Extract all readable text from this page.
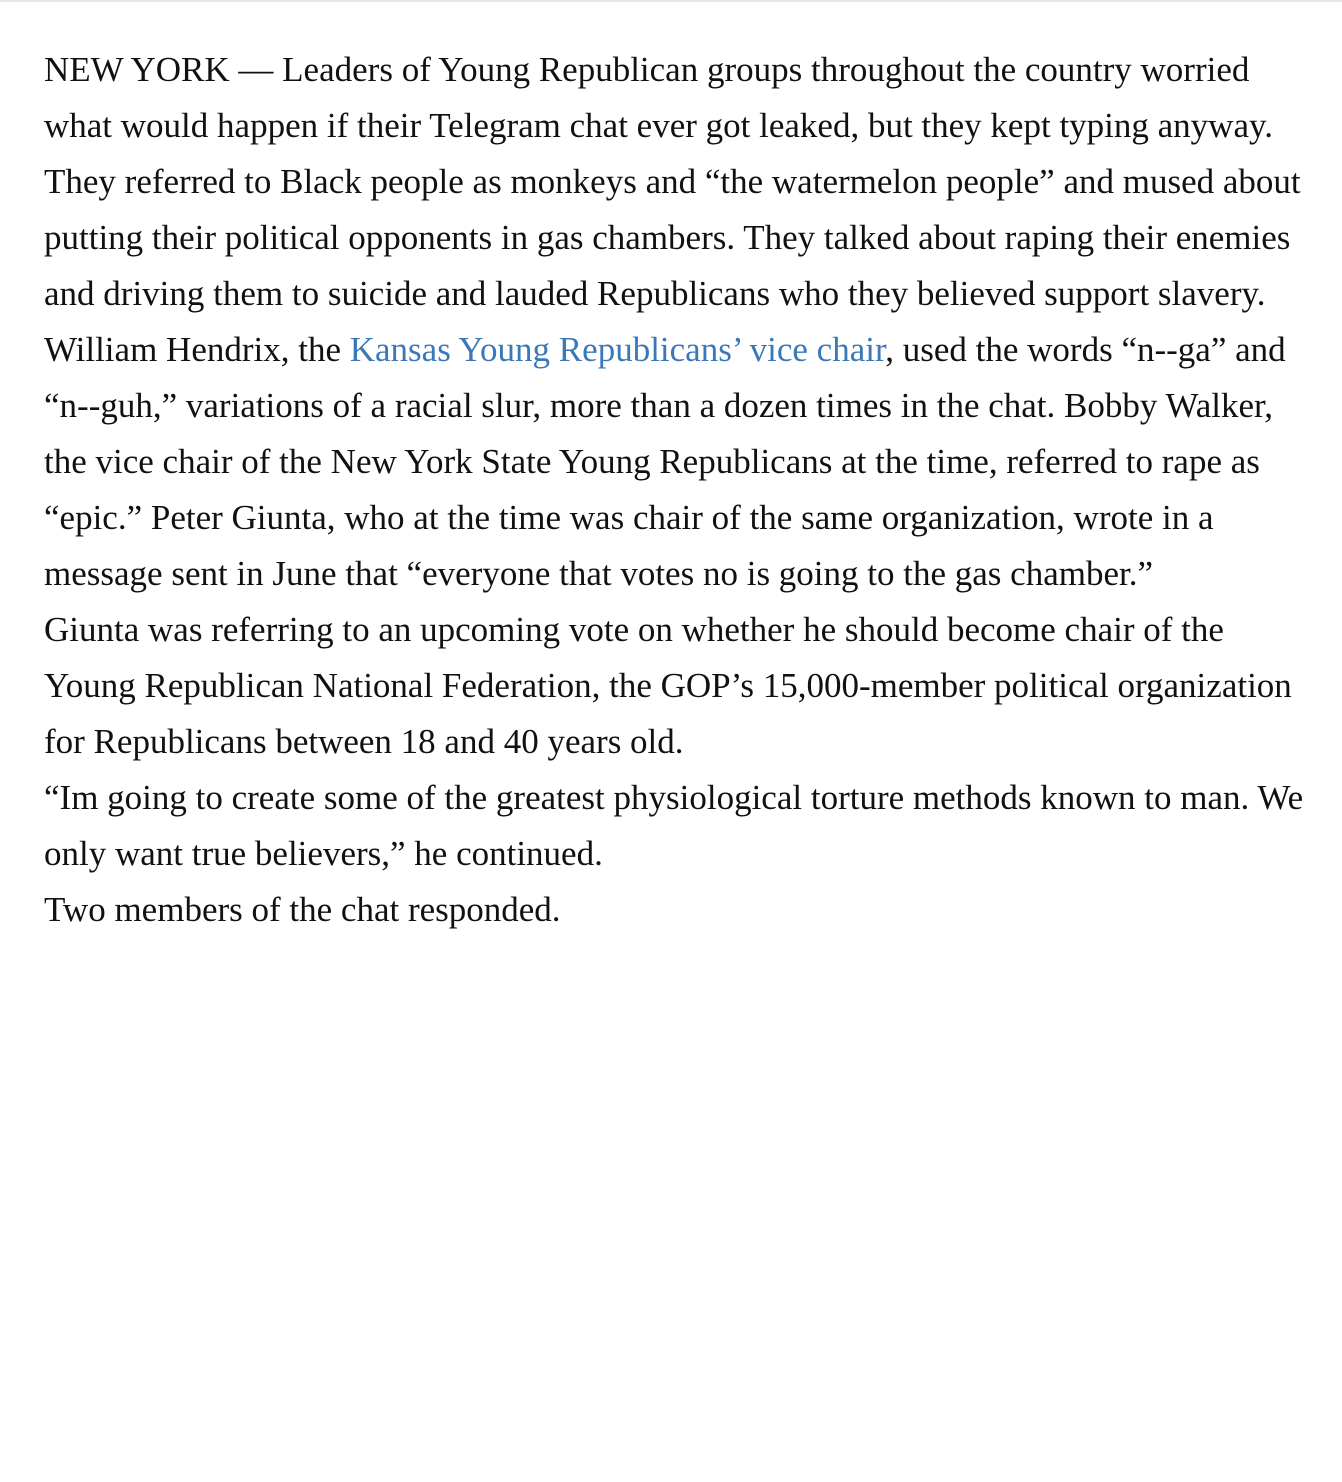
NEW YORK — Leaders of Young Republican groups throughout the country worried what would happen if their Telegram chat ever got leaked, but they kept typing anyway.

They referred to Black people as monkeys and “the watermelon people” and mused about putting their political opponents in gas chambers. They talked about raping their enemies and driving them to suicide and lauded Republicans who they believed support slavery.

William Hendrix, the Kansas Young Republicans’ vice chair, used the words “n--ga” and “n--guh,” variations of a racial slur, more than a dozen times in the chat. Bobby Walker, the vice chair of the New York State Young Republicans at the time, referred to rape as “epic.” Peter Giunta, who at the time was chair of the same organization, wrote in a message sent in June that “everyone that votes no is going to the gas chamber.”

Giunta was referring to an upcoming vote on whether he should become chair of the Young Republican National Federation, the GOP’s 15,000-member political organization for Republicans between 18 and 40 years old.

“Im going to create some of the greatest physiological torture methods known to man. We only want true believers,” he continued.

Two members of the chat responded.
